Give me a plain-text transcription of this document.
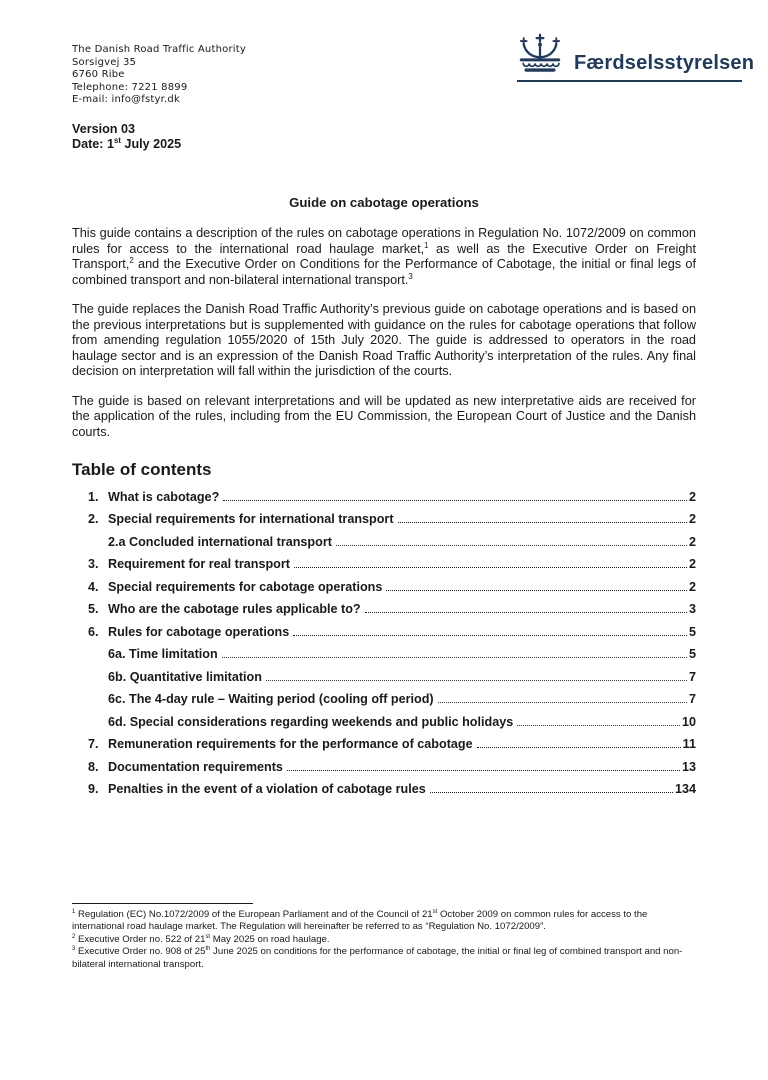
The Danish Road Traffic Authority
Sorsigvej 35
6760 Ribe
Telephone: 7221 8899
E-mail: info@fstyr.dk
Version 03
Date: 1st July 2025
Færdselsstyrelsen
Guide on cabotage operations

This guide contains a description of the rules on cabotage operations in Regulation No. 1072/2009 on common rules for access to the international road haulage market,$^1$ as well as the Executive Order on Freight Transport,$^2$ and the Executive Order on Conditions for the Performance of Cabotage, the initial or final legs of combined transport and non-bilateral international transport.$^3$

The guide replaces the Danish Road Traffic Authority’s previous guide on cabotage operations and is based on the previous interpretations but is supplemented with guidance on the rules for cabotage operations that follow from amending regulation 1055/2020 of 15th July 2020. The guide is addressed to operators in the road haulage sector and is an expression of the Danish Road Traffic Authority’s interpretation of the rules. Any final decision on interpretation will fall within the jurisdiction of the courts.

The guide is based on relevant interpretations and will be updated as new interpretative aids are received for the application of the rules, including from the EU Commission, the European Court of Justice and the Danish courts.

Table of contents
1. What is cabotage?	2
2. Special requirements for international transport	2
2.a Concluded international transport	2
3. Requirement for real transport	2
4. Special requirements for cabotage operations	2
5. Who are the cabotage rules applicable to?	3
6. Rules for cabotage operations	5
6a. Time limitation	5
6b. Quantitative limitation	7
6c. The 4-day rule – Waiting period (cooling off period)	7
6d. Special considerations regarding weekends and public holidays	10
7. Remuneration requirements for the performance of cabotage	11
8. Documentation requirements	13
9. Penalties in the event of a violation of cabotage rules	134
$^1$ Regulation (EC) No.1072/2009 of the European Parliament and of the Council of 21st October 2009 on common rules for access to the international road haulage market. The Regulation will hereinafter be referred to as “Regulation No. 1072/2009”.
$^2$ Executive Order no. 522 of 21st May 2025 on road haulage.
$^3$ Executive Order no. 908 of 25th June 2025 on conditions for the performance of cabotage, the initial or final leg of combined transport and non-bilateral international transport.
